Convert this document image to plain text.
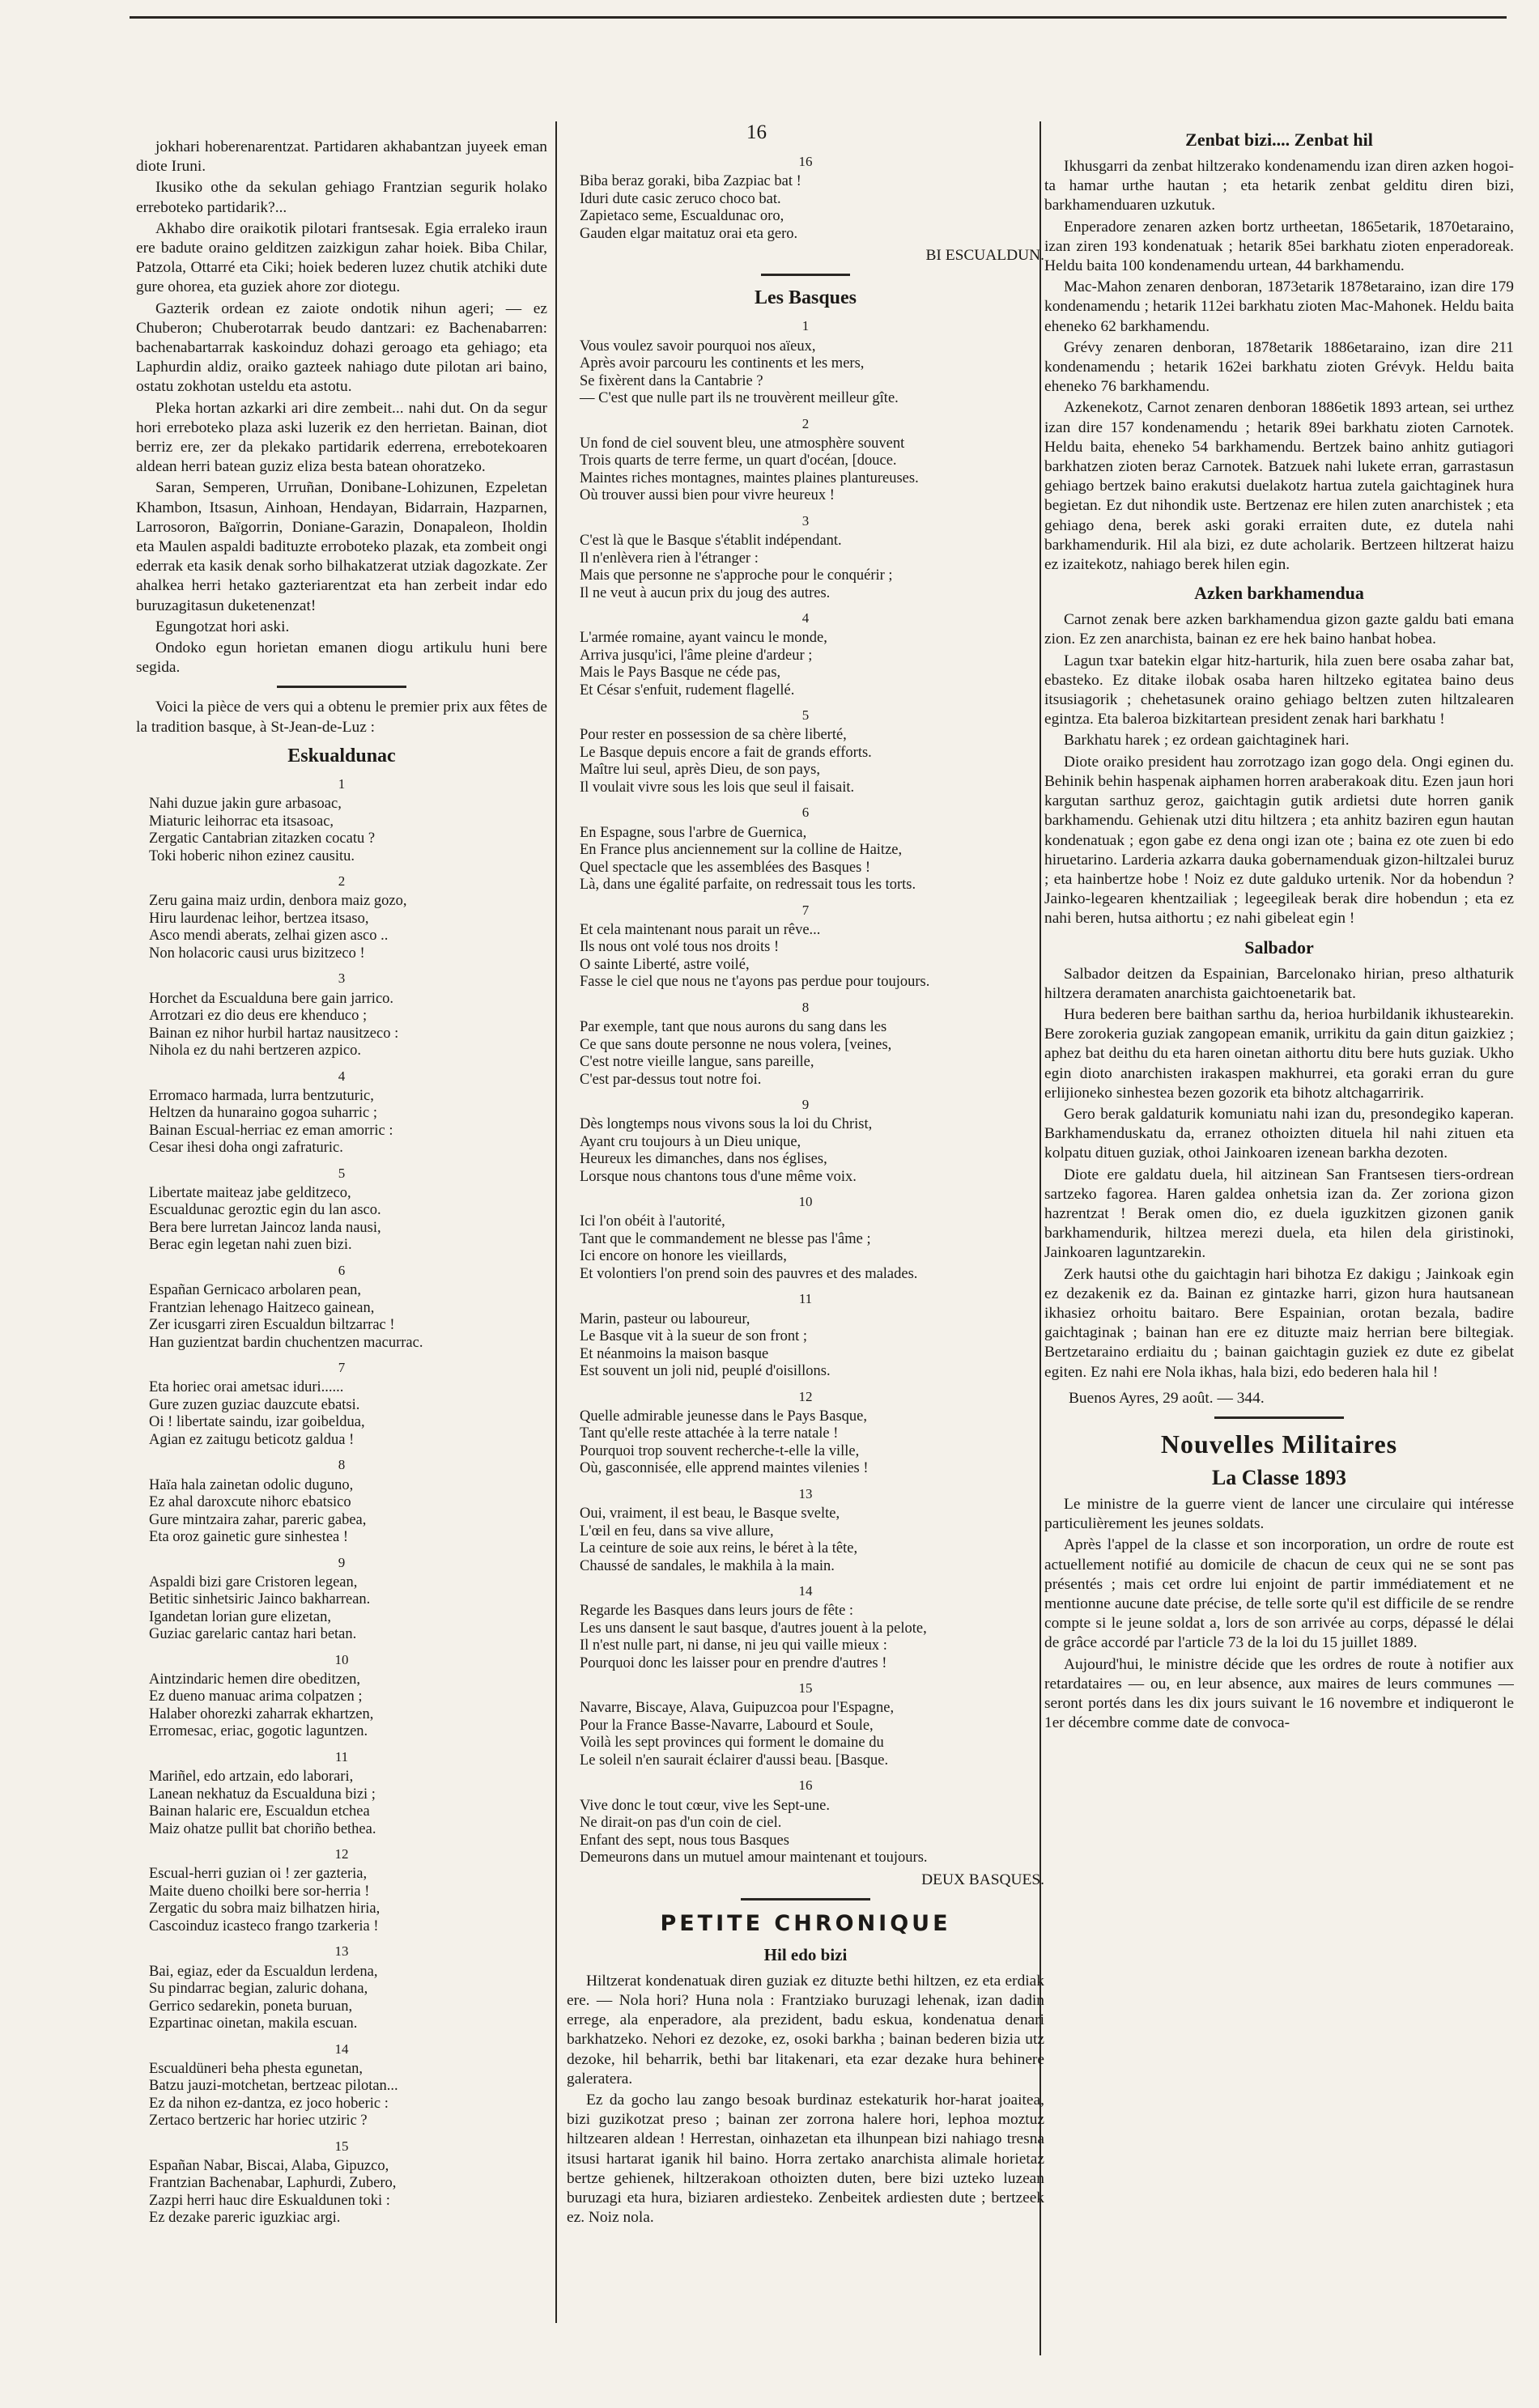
16

jokhari hoberenarentzat. Partidaren akhabantzan juyeek eman diote Iruni.

Ikusiko othe da sekulan gehiago Frantzian segurik holako erreboteko partidarik?...

Akhabo dire oraikotik pilotari frantsesak. Egia erraleko iraun ere badute oraino gelditzen zaizkigun zahar hoiek. Biba Chilar, Patzola, Ottarré eta Ciki; hoiek bederen luzez chutik atchiki dute gure ohorea, eta guziek ahore zor diotegu.

Gazterik ordean ez zaiote ondotik nihun ageri; — ez Chuberon; Chuberotarrak beudo dantzari: ez Bachenabarren: bachenabartarrak kaskoinduz dohazi geroago eta gehiago; eta Laphurdin aldiz, oraiko gazteek nahiago dute pilotan ari baino, ostatu zokhotan usteldu eta astotu.

Pleka hortan azkarki ari dire zembeit... nahi dut. On da segur hori erreboteko plaza aski luzerik ez den herrietan. Bainan, diot berriz ere, zer da plekako partidarik ederrena, errebotekoaren aldean herri batean guziz eliza besta batean ohoratzeko.

Saran, Semperen, Urruñan, Donibane-Lohizunen, Ezpeletan Khambon, Itsasun, Ainhoan, Hendayan, Bidarrain, Hazparnen, Larrosoron, Baïgorrin, Doniane-Garazin, Donapaleon, Iholdin eta Maulen aspaldi badituzte erroboteko plazak, eta zombeit ongi ederrak eta kasik denak sorho bilhakatzerat utziak dagozkate. Zer ahalkea herri hetako gazteriarentzat eta han zerbeit indar edo buruzagitasun duketenenzat!

Egungotzat hori aski.

Ondoko egun horietan emanen diogu artikulu huni bere segida.

Voici la pièce de vers qui a obtenu le premier prix aux fêtes de la tradition basque, à St-Jean-de-Luz :

Eskualdunac
1
Nahi duzue jakin gure arbasoac,
Miaturic leihorrac eta itsasoac,
Zergatic Cantabrian zitazken cocatu ?
Toki hoberic nihon ezinez causitu.
2
Zeru gaina maiz urdin, denbora maiz gozo,
Hiru laurdenac leihor, bertzea itsaso,
Asco mendi aberats, zelhai gizen asco ..
Non holacoric causi urus bizitzeco !
3
Horchet da Escualduna bere gain jarrico.
Arrotzari ez dio deus ere khenduco ;
Bainan ez nihor hurbil hartaz nausitzeco :
Nihola ez du nahi bertzeren azpico.
4
Erromaco harmada, lurra bentzuturic,
Heltzen da hunaraino gogoa suharric ;
Bainan Escual-herriac ez eman amorric :
Cesar ihesi doha ongi zafraturic.
5
Libertate maiteaz jabe gelditzeco,
Escualdunac geroztic egin du lan asco.
Bera bere lurretan Jaincoz landa nausi,
Berac egin legetan nahi zuen bizi.
6
Españan Gernicaco arbolaren pean,
Frantzian lehenago Haitzeco gainean,
Zer icusgarri ziren Escualdun biltzarrac !
Han guzientzat bardin chuchentzen macurrac.
7
Eta horiec orai ametsac iduri......
Gure zuzen guziac dauzcute ebatsi.
Oi ! libertate saindu, izar goibeldua,
Agian ez zaitugu beticotz galdua !
8
Haïa hala zainetan odolic duguno,
Ez ahal daroxcute nihorc ebatsico
Gure mintzaira zahar, pareric gabea,
Eta oroz gainetic gure sinhestea !
9
Aspaldi bizi gare Cristoren legean,
Betitic sinhetsiric Jainco bakharrean.
Igandetan lorian gure elizetan,
Guziac garelaric cantaz hari betan.
10
Aintzindaric hemen dire obeditzen,
Ez dueno manuac arima colpatzen ;
Halaber ohorezki zaharrak ekhartzen,
Erromesac, eriac, gogotic laguntzen.
11
Mariñel, edo artzain, edo laborari,
Lanean nekhatuz da Escualduna bizi ;
Bainan halaric ere, Escualdun etchea
Maiz ohatze pullit bat choriño bethea.
12
Escual-herri guzian oi ! zer gazteria,
Maite dueno choilki bere sor-herria !
Zergatic du sobra maiz bilhatzen hiria,
Cascoinduz icasteco frango tzarkeria !
13
Bai, egiaz, eder da Escualdun lerdena,
Su pindarrac begian, zaluric dohana,
Gerrico sedarekin, poneta buruan,
Ezpartinac oinetan, makila escuan.
14
Escualdüneri beha phesta egunetan,
Batzu jauzi-motchetan, bertzeac pilotan...
Ez da nihon ez-dantza, ez joco hoberic :
Zertaco bertzeric har horiec utziric ?
15
Españan Nabar, Biscai, Alaba, Gipuzco,
Frantzian Bachenabar, Laphurdi, Zubero,
Zazpi herri hauc dire Eskualdunen toki :
Ez dezake pareric iguzkiac argi.
16
Biba beraz goraki, biba Zazpiac bat !
Iduri dute casic zeruco choco bat.
Zapietaco seme, Escualdunac oro,
Gauden elgar maitatuz orai eta gero.
BI ESCUALDUN.
Les Basques
1
Vous voulez savoir pourquoi nos aïeux,
Après avoir parcouru les continents et les mers,
Se fixèrent dans la Cantabrie ?
— C'est que nulle part ils ne trouvèrent meilleur gîte.
2
Un fond de ciel souvent bleu, une atmosphère souvent
Trois quarts de terre ferme, un quart d'océan, [douce.
Maintes riches montagnes, maintes plaines plantureuses.
Où trouver aussi bien pour vivre heureux !
3
C'est là que le Basque s'établit indépendant.
Il n'enlèvera rien à l'étranger :
Mais que personne ne s'approche pour le conquérir ;
Il ne veut à aucun prix du joug des autres.
4
L'armée romaine, ayant vaincu le monde,
Arriva jusqu'ici, l'âme pleine d'ardeur ;
Mais le Pays Basque ne céde pas,
Et César s'enfuit, rudement flagellé.
5
Pour rester en possession de sa chère liberté,
Le Basque depuis encore a fait de grands efforts.
Maître lui seul, après Dieu, de son pays,
Il voulait vivre sous les lois que seul il faisait.
6
En Espagne, sous l'arbre de Guernica,
En France plus anciennement sur la colline de Haitze,
Quel spectacle que les assemblées des Basques !
Là, dans une égalité parfaite, on redressait tous les torts.
7
Et cela maintenant nous parait un rêve...
Ils nous ont volé tous nos droits !
O sainte Liberté, astre voilé,
Fasse le ciel que nous ne t'ayons pas perdue pour toujours.
8
Par exemple, tant que nous aurons du sang dans les
Ce que sans doute personne ne nous volera, [veines,
C'est notre vieille langue, sans pareille,
C'est par-dessus tout notre foi.
9
Dès longtemps nous vivons sous la loi du Christ,
Ayant cru toujours à un Dieu unique,
Heureux les dimanches, dans nos églises,
Lorsque nous chantons tous d'une même voix.
10
Ici l'on obéit à l'autorité,
Tant que le commandement ne blesse pas l'âme ;
Ici encore on honore les vieillards,
Et volontiers l'on prend soin des pauvres et des malades.
11
Marin, pasteur ou laboureur,
Le Basque vit à la sueur de son front ;
Et néanmoins la maison basque
Est souvent un joli nid, peuplé d'oisillons.
12
Quelle admirable jeunesse dans le Pays Basque,
Tant qu'elle reste attachée à la terre natale !
Pourquoi trop souvent recherche-t-elle la ville,
Où, gasconnisée, elle apprend maintes vilenies !
13
Oui, vraiment, il est beau, le Basque svelte,
L'œil en feu, dans sa vive allure,
La ceinture de soie aux reins, le béret à la tête,
Chaussé de sandales, le makhila à la main.
14
Regarde les Basques dans leurs jours de fête :
Les uns dansent le saut basque, d'autres jouent à la pelote,
Il n'est nulle part, ni danse, ni jeu qui vaille mieux :
Pourquoi donc les laisser pour en prendre d'autres !
15
Navarre, Biscaye, Alava, Guipuzcoa pour l'Espagne,
Pour la France Basse-Navarre, Labourd et Soule,
Voilà les sept provinces qui forment le domaine du
Le soleil n'en saurait éclairer d'aussi beau. [Basque.
16
Vive donc le tout cœur, vive les Sept-une.
Ne dirait-on pas d'un coin de ciel.
Enfant des sept, nous tous Basques
Demeurons dans un mutuel amour maintenant et toujours.
DEUX BASQUES.
PETITE CHRONIQUE
Hil edo bizi

Hiltzerat kondenatuak diren guziak ez dituzte bethi hiltzen, ez eta erdiak ere. — Nola hori? Huna nola : Frantziako buruzagi lehenak, izan dadin errege, ala enperadore, ala prezident, badu eskua, kondenatua denari barkhatzeko. Nehori ez dezoke, ez, osoki barkha ; bainan bederen bizia utz dezoke, hil beharrik, bethi bar litakenari, eta ezar dezake hura behinere galeratera.

Ez da gocho lau zango besoak burdinaz estekaturik hor-harat joaitea, bizi guzikotzat preso ; bainan zer zorrona halere hori, lephoa moztuz hiltzearen aldean ! Herrestan, oinhazetan eta ilhunpean bizi nahiago tresna itsusi hartarat iganik hil baino. Horra zertako anarchista alimale horietaz bertze gehienek, hiltzerakoan othoizten duten, bere bizi uzteko luzean buruzagi eta hura, biziaren ardiesteko. Zenbeitek ardiesten dute ; bertzeek ez. Noiz nola.

Zenbat bizi.... Zenbat hil

Ikhusgarri da zenbat hiltzerako kondenamendu izan diren azken hogoi-ta hamar urthe hautan ; eta hetarik zenbat gelditu diren bizi, barkhamenduaren uzkutuk.

Enperadore zenaren azken bortz urtheetan, 1865etarik, 1870etaraino, izan ziren 193 kondenatuak ; hetarik 85ei barkhatu zioten enperadoreak. Heldu baita 100 kondenamendu urtean, 44 barkhamendu.

Mac-Mahon zenaren denboran, 1873etarik 1878etaraino, izan dire 179 kondenamendu ; hetarik 112ei barkhatu zioten Mac-Mahonek. Heldu baita eheneko 62 barkhamendu.

Grévy zenaren denboran, 1878etarik 1886etaraino, izan dire 211 kondenamendu ; hetarik 162ei barkhatu zioten Grévyk. Heldu baita eheneko 76 barkhamendu.

Azkenekotz, Carnot zenaren denboran 1886etik 1893 artean, sei urthez izan dire 157 kondenamendu ; hetarik 89ei barkhatu zioten Carnotek. Heldu baita, eheneko 54 barkhamendu. Bertzek baino anhitz gutiagori barkhatzen zioten beraz Carnotek. Batzuek nahi lukete erran, garrastasun gehiago bertzek baino erakutsi duelakotz hartua zutela gaichtaginek hura begietan. Ez dut nihondik uste. Bertzenaz ere hilen zuten anarchistek ; eta gehiago dena, berek aski goraki erraiten dute, ez dutela nahi barkhamendurik. Hil ala bizi, ez dute acholarik. Bertzeen hiltzerat haizu ez izaitekotz, nahiago berek hilen egin.

Azken barkhamendua

Carnot zenak bere azken barkhamendua gizon gazte galdu bati emana zion. Ez zen anarchista, bainan ez ere hek baino hanbat hobea.

Lagun txar batekin elgar hitz-harturik, hila zuen bere osaba zahar bat, ebasteko. Ez ditake ilobak osaba haren hiltzeko egitatea baino deus itsusiagorik ; chehetasunek oraino gehiago beltzen zuten hiltzalearen egintza. Eta baleroa bizkitartean president zenak hari barkhatu !

Barkhatu harek ; ez ordean gaichtaginek hari.

Diote oraiko president hau zorrotzago izan gogo dela. Ongi eginen du. Behinik behin haspenak aiphamen horren araberakoak ditu. Ezen jaun hori kargutan sarthuz geroz, gaichtagin gutik ardietsi dute horren ganik barkhamendu. Gehienak utzi ditu hiltzera ; eta anhitz baziren egun hautan kondenatuak ; egon gabe ez dena ongi izan ote ; baina ez ote zuen bi edo hiruetarino. Larderia azkarra dauka gobernamenduak gizon-hiltzalei buruz ; eta hainbertze hobe ! Noiz ez dute galduko urtenik. Nor da hobendun ? Jainko-legearen khentzailiak ; legeegileak berak dire hobendun ; eta ez nahi beren, hutsa aithortu ; ez nahi gibeleat egin !

Salbador

Salbador deitzen da Espainian, Barcelonako hirian, preso althaturik hiltzera deramaten anarchista gaichtoenetarik bat.

Hura bederen bere baithan sarthu da, herioa hurbildanik ikhustearekin. Bere zorokeria guziak zangopean emanik, urrikitu da gain ditun gaizkiez ; aphez bat deithu du eta haren oinetan aithortu ditu bere huts guziak. Ukho egin dioto anarchisten irakaspen makhurrei, eta goraki erran du gure erlijioneko sinhestea bezen gozorik eta bihotz altchagarririk.

Gero berak galdaturik komuniatu nahi izan du, presondegiko kaperan. Barkhamenduskatu da, erranez othoizten dituela hil nahi zituen eta kolpatu dituen guziak, othoi Jainkoaren izenean barkha dezoten.

Diote ere galdatu duela, hil aitzinean San Frantsesen tiers-ordrean sartzeko fagorea. Haren galdea onhetsia izan da. Zer zoriona gizon hazrentzat ! Berak omen dio, ez duela iguzkitzen gizonen ganik barkhamendurik, hiltzea merezi duela, eta hilen dela giristinoki, Jainkoaren laguntzarekin.

Zerk hautsi othe du gaichtagin hari bihotza Ez dakigu ; Jainkoak egin ez dezakenik ez da. Bainan ez gintazke harri, gizon hura hautsanean ikhasiez orhoitu baitaro. Bere Espainian, orotan bezala, badire gaichtaginak ; bainan han ere ez dituzte maiz herrian bere biltegiak. Bertzetaraino erdiaitu du ; bainan gaichtagin guziek ez dute ez gibelat egiten. Ez nahi ere Nola ikhas, hala bizi, edo bederen hala hil !

Buenos Ayres, 29 août. — 344.
Nouvelles Militaires
La Classe 1893

Le ministre de la guerre vient de lancer une circulaire qui intéresse particulièrement les jeunes soldats.

Après l'appel de la classe et son incorporation, un ordre de route est actuellement notifié au domicile de chacun de ceux qui ne se sont pas présentés ; mais cet ordre lui enjoint de partir immédiatement et ne mentionne aucune date précise, de telle sorte qu'il est difficile de se rendre compte si le jeune soldat a, lors de son arrivée au corps, dépassé le délai de grâce accordé par l'article 73 de la loi du 15 juillet 1889.

Aujourd'hui, le ministre décide que les ordres de route à notifier aux retardataires — ou, en leur absence, aux maires de leurs communes — seront portés dans les dix jours suivant le 16 novembre et indiqueront le 1er décembre comme date de convoca-
